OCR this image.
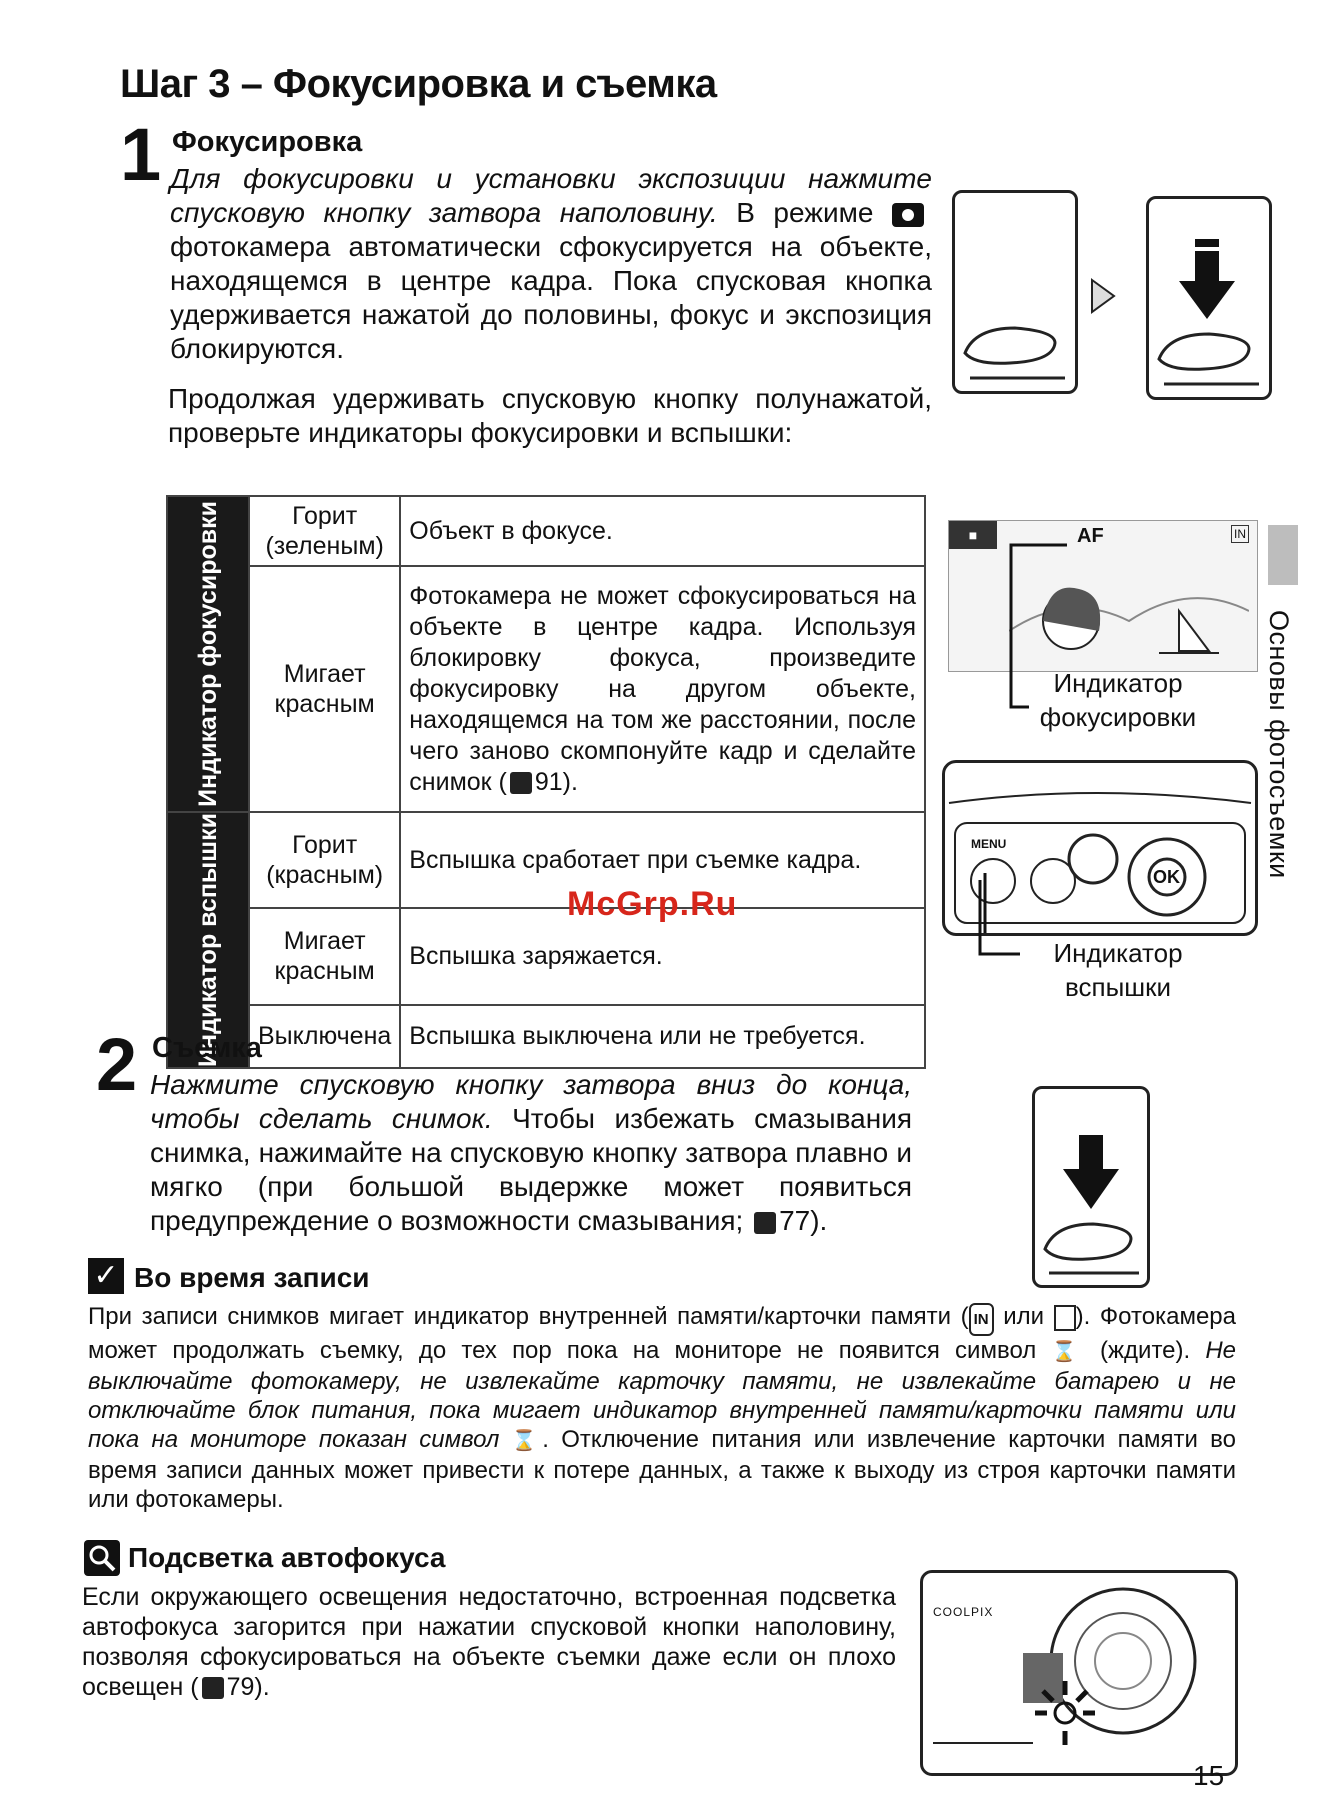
Шаг 3 – Фокусировка и съемка
1 Фокусировка
Для фокусировки и установки экспозиции нажмите спусковую кнопку затвора наполовину. В режиме фотокамера автоматически сфокусируется на объекте, находящемся в центре кадра. Пока спусковая кнопка удерживается нажатой до половины, фокус и экспозиция блокируются.
Продолжая удерживать спусковую кнопку полунажатой, проверьте индикаторы фокусировки и вспышки:
Индикатор фокусировки	Горит (зеленым)	Объект в фокусе.
	Мигает красным	Фотокамера не может сфокусироваться на объекте в центре кадра. Используя блокировку фокуса, произведите фокусировку на другом объекте, находящемся на том же расстоянии, после чего заново скомпонуйте кадр и сделайте снимок ( 91).

Индикатор вспышки	Горит (красным)	Вспышка сработает при съемке кадра.
	Мигает красным	Вспышка заряжается.
	Выключена	Вспышка выключена или не требуется.
McGrp.Ru
■	AF	IN
Индикатор фокусировки
MENU
OK
Индикатор вспышки
Основы фотосъемки
2 Съемка
Нажмите спусковую кнопку затвора вниз до конца, чтобы сделать снимок. Чтобы избежать смазывания снимка, нажимайте на спусковую кнопку затвора плавно и мягко (при большой выдержке может появиться предупреждение о возможности смазывания; 77).
✓ Во время записи
При записи снимков мигает индикатор внутренней памяти/карточки памяти ( IN или ). Фотокамера может продолжать съемку, до тех пор пока на мониторе не появится символ ⌛ (ждите). Не выключайте фотокамеру, не извлекайте карточку памяти, не извлекайте батарею и не отключайте блок питания, пока мигает индикатор внутренней памяти/карточки памяти или пока на мониторе показан символ ⌛. Отключение питания или извлечение карточки памяти во время записи данных может привести к потере данных, а также к выходу из строя карточки памяти или фотокамеры.
Подсветка автофокуса
Если окружающего освещения недостаточно, встроенная подсветка автофокуса загорится при нажатии спусковой кнопки наполовину, позволяя сфокусироваться на объекте съемки даже если он плохо освещен ( 79).
COOLPIX
15
